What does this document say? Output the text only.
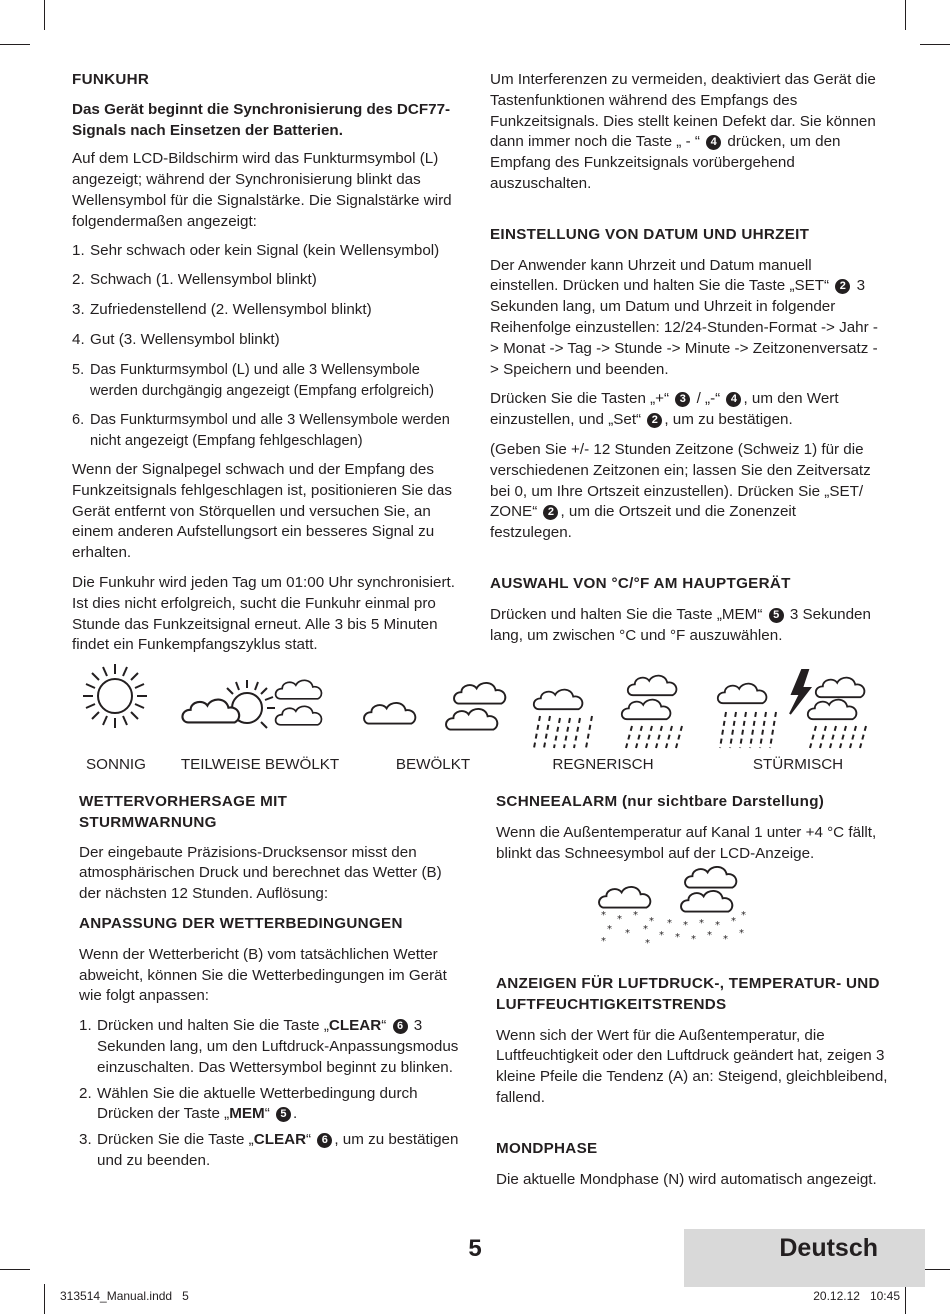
FUNKUHR

Das Gerät beginnt die Synchronisierung des DCF77-Signals nach Einsetzen der Batterien.

Auf dem LCD-Bildschirm wird das Funkturmsymbol (L) angezeigt; während der Synchronisierung blinkt das Wellensymbol für die Signalstärke. Die Signalstärke wird folgendermaßen angezeigt:

1. Sehr schwach oder kein Signal (kein Wellensymbol)
2. Schwach (1. Wellensymbol blinkt)
3. Zufriedenstellend (2. Wellensymbol blinkt)
4. Gut (3. Wellensymbol blinkt)
5. Das Funkturmsymbol (L) und alle 3 Wellensymbole werden durchgängig angezeigt (Empfang erfolgreich)
6. Das Funkturmsymbol und alle 3 Wellensymbole werden nicht angezeigt (Empfang fehlgeschlagen)

Wenn der Signalpegel schwach und der Empfang des Funkzeitsignals fehlgeschlagen ist, positionieren Sie das Gerät entfernt von Störquellen und versuchen Sie, an einem anderen Aufstellungsort ein besseres Signal zu erhalten.

Die Funkuhr wird jeden Tag um 01:00 Uhr synchronisiert. Ist dies nicht erfolgreich, sucht die Funkuhr einmal pro Stunde das Funkzeitsignal erneut. Alle 3 bis 5 Minuten findet ein Funkempfangszyklus statt.

Um Interferenzen zu vermeiden, deaktiviert das Gerät die Tastenfunktionen während des Empfangs des Funkzeitsignals. Dies stellt keinen Defekt dar. Sie können dann immer noch die Taste „ - “ 4 drücken, um den Empfang des Funkzeitsignals vorübergehend auszuschalten.

EINSTELLUNG VON DATUM UND UHRZEIT

Der Anwender kann Uhrzeit und Datum manuell einstellen. Drücken und halten Sie die Taste „SET“ 2 3 Sekunden lang, um Datum und Uhrzeit in folgender Reihenfolge einzustellen: 12/24-Stunden-Format -> Jahr -> Monat -> Tag -> Stunde -> Minute -> Zeitzonenversatz -> Speichern und beenden.

Drücken Sie die Tasten „+“ 3 / „-“ 4 , um den Wert einzustellen, und „Set“ 2 , um zu bestätigen.

(Geben Sie +/- 12 Stunden Zeitzone (Schweiz 1) für die verschiedenen Zeitzonen ein; lassen Sie den Zeitversatz bei 0, um Ihre Ortszeit einzustellen). Drücken Sie „SET/ ZONE“ 2 , um die Ortszeit und die Zonenzeit festzulegen.

AUSWAHL VON °C/°F AM HAUPTGERÄT

Drücken und halten Sie die Taste „MEM“ 5 3 Sekunden lang, um zwischen °C und °F auszuwählen.

SONNIG	TEILWEISE BEWÖLKT	BEWÖLKT	REGNERISCH	STÜRMISCH

WETTERVORHERSAGE MIT STURMWARNUNG

Der eingebaute Präzisions-Drucksensor misst den atmosphärischen Druck und berechnet das Wetter (B) der nächsten 12 Stunden. Auflösung:

ANPASSUNG DER WETTERBEDINGUNGEN

Wenn der Wetterbericht (B) vom tatsächlichen Wetter abweicht, können Sie die Wetterbedingungen im Gerät wie folgt anpassen:

1. Drücken und halten Sie die Taste „CLEAR“ 6 3 Sekunden lang, um den Luftdruck-Anpassungsmodus einzuschalten. Das Wettersymbol beginnt zu blinken.
2. Wählen Sie die aktuelle Wetterbedingung durch Drücken der Taste „MEM“ 5 .
3. Drücken Sie die Taste „CLEAR“ 6 , um zu bestätigen und zu beenden.

SCHNEEALARM (nur sichtbare Darstellung)

Wenn die Außentemperatur auf Kanal 1 unter +4 °C fällt, blinkt das Schneesymbol auf der LCD-Anzeige.

* * *
*
* * *
*
*
* * * * *
*
* * * *
*
*

ANZEIGEN FÜR LUFTDRUCK-, TEMPERATUR- UND LUFTFEUCHTIGKEITSTRENDS

Wenn sich der Wert für die Außentemperatur, die Luftfeuchtigkeit oder den Luftdruck geändert hat, zeigen 3 kleine Pfeile die Tendenz (A) an: Steigend, gleichbleibend, fallend.

MONDPHASE

Die aktuelle Mondphase (N) wird automatisch angezeigt.

5	Deutsch
313514_Manual.indd   5	20.12.12   10:45
